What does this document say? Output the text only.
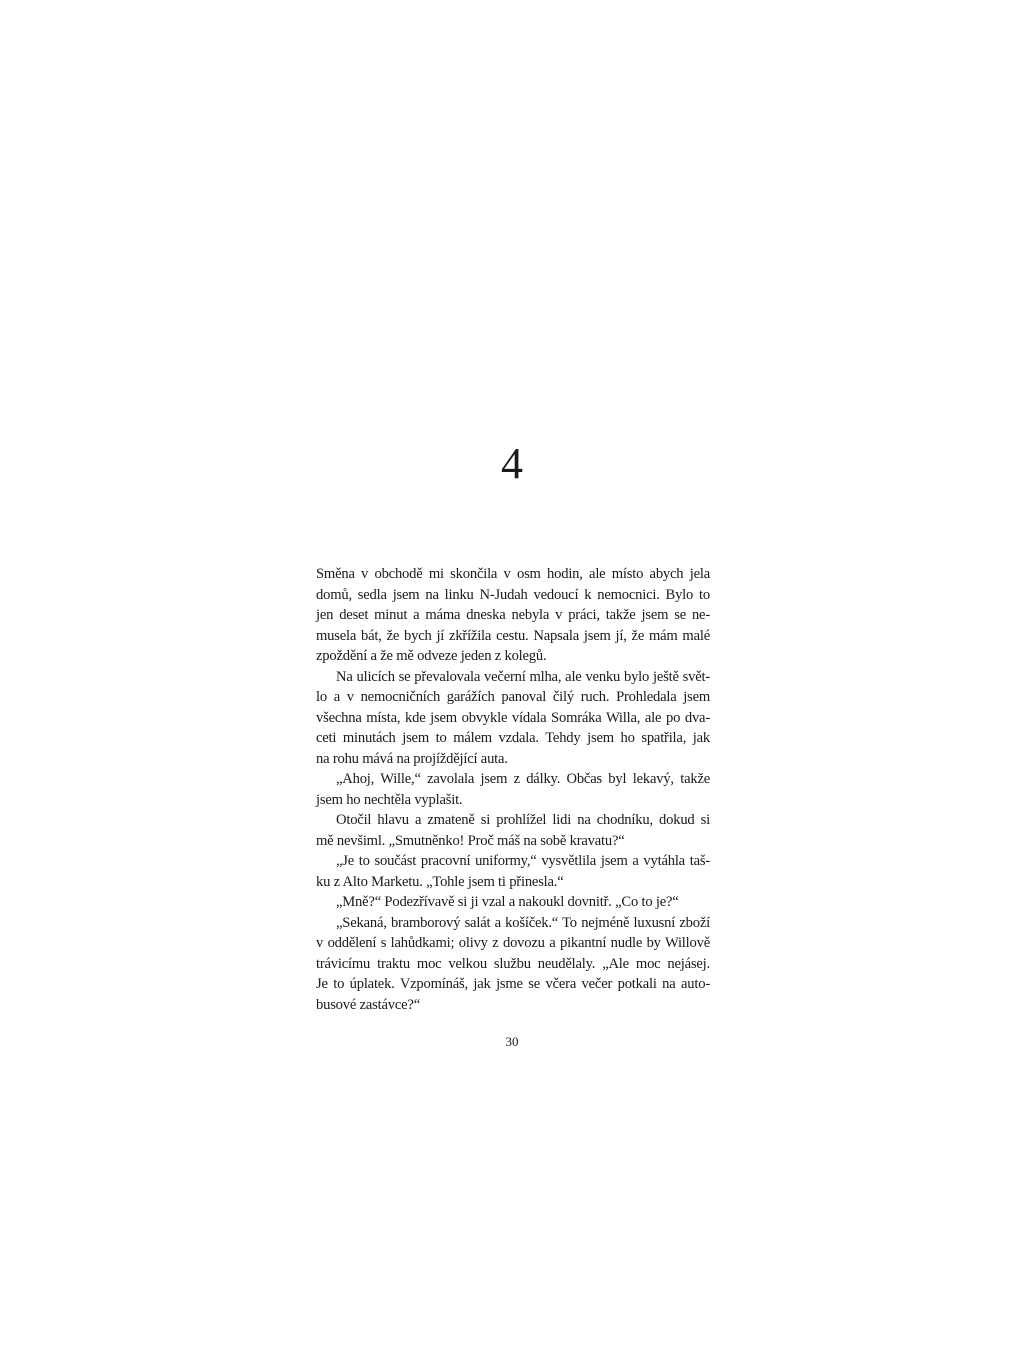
4
Směna v obchodě mi skončila v osm hodin, ale místo abych jela
domů, sedla jsem na linku N-Judah vedoucí k nemocnici. Bylo to
jen deset minut a máma dneska nebyla v práci, takže jsem se ne-
musela bát, že bych jí zkřížila cestu. Napsala jsem jí, že mám malé
zpoždění a že mě odveze jeden z kolegů.
Na ulicích se převalovala večerní mlha, ale venku bylo ještě svět-
lo a v nemocničních garážích panoval čilý ruch. Prohledala jsem
všechna místa, kde jsem obvykle vídala Somráka Willa, ale po dva-
ceti minutách jsem to málem vzdala. Tehdy jsem ho spatřila, jak
na rohu mává na projíždějící auta.
„Ahoj, Wille,“ zavolala jsem z dálky. Občas byl lekavý, takže
jsem ho nechtěla vyplašit.
Otočil hlavu a zmateně si prohlížel lidi na chodníku, dokud si
mě nevšiml. „Smutněnko! Proč máš na sobě kravatu?“
„Je to součást pracovní uniformy,“ vysvětlila jsem a vytáhla taš-
ku z Alto Marketu. „Tohle jsem ti přinesla.“
„Mně?“ Podezřívavě si ji vzal a nakoukl dovnitř. „Co to je?“
„Sekaná, bramborový salát a košíček.“ To nejméně luxusní zboží
v oddělení s lahůdkami; olivy z dovozu a pikantní nudle by Willově
trávicímu traktu moc velkou službu neudělaly. „Ale moc nejásej.
Je to úplatek. Vzpomínáš, jak jsme se včera večer potkali na auto-
busové zastávce?“
30
